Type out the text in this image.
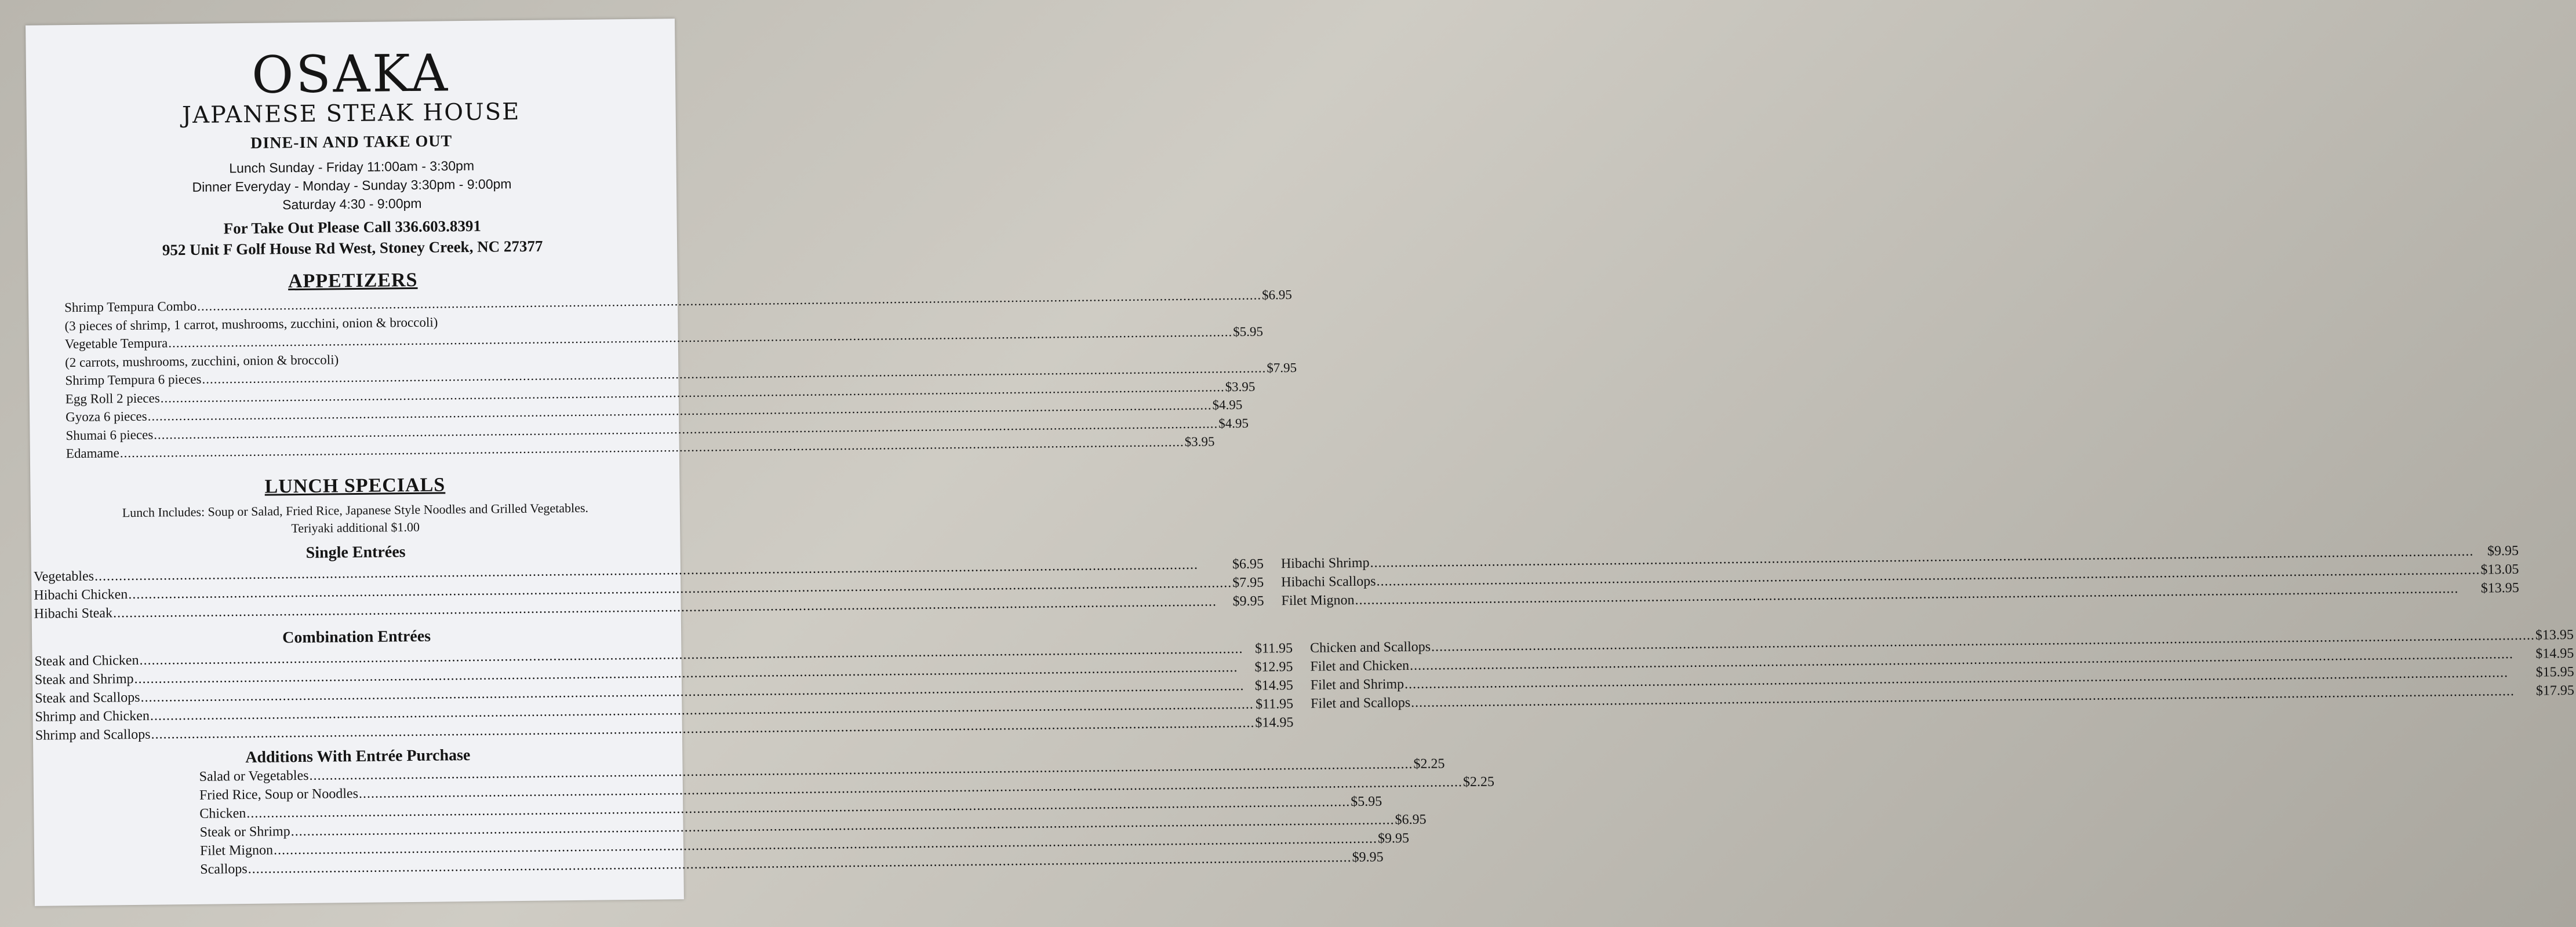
OSAKA
JAPANESE STEAK HOUSE
DINE-IN AND TAKE OUT
Lunch Sunday - Friday 11:00am - 3:30pm
Dinner Everyday - Monday - Sunday 3:30pm - 9:00pm
Saturday 4:30 - 9:00pm
For Take Out Please Call 336.603.8391
952 Unit F Golf House Rd West, Stoney Creek, NC 27377
APPETIZERS
Shrimp Tempura Combo
.....
$6.95
(3 pieces of shrimp, 1 carrot, mushrooms, zucchini, onion & broccoli)
Vegetable Tempura
.....
$5.95
(2 carrots, mushrooms, zucchini, onion & broccoli)
Shrimp Tempura 6 pieces
.....
$7.95
Egg Roll 2 pieces
.....
$3.95
Gyoza 6 pieces
.....
$4.95
Shumai 6 pieces
.....
$4.95
Edamame
.....
$3.95
LUNCH SPECIALS
Lunch Includes: Soup or Salad, Fried Rice, Japanese Style Noodles and Grilled Vegetables.
Teriyaki additional $1.00
Single Entrées
Vegetables
.....
$6.95
Hibachi Chicken
.....
$7.95
Hibachi Steak
.....
$9.95
Hibachi Shrimp
.....
$9.95
Hibachi Scallops
.....
$13.05
Filet Mignon
.....
$13.95
Combination Entrées
Steak and Chicken
.....
$11.95
Steak and Shrimp
.....
$12.95
Steak and Scallops
.....
$14.95
Shrimp and Chicken
.....
$11.95
Shrimp and Scallops
.....
$14.95
Chicken and Scallops
.....
$13.95
Filet and Chicken
.....
$14.95
Filet and Shrimp
.....
$15.95
Filet and Scallops
.....
$17.95
Additions With Entrée Purchase
Salad or Vegetables
.....
$2.25
Fried Rice, Soup or Noodles
.....
$2.25
Chicken
.....
$5.95
Steak or Shrimp
.....
$6.95
Filet Mignon
.....
$9.95
Scallops
.....
$9.95
